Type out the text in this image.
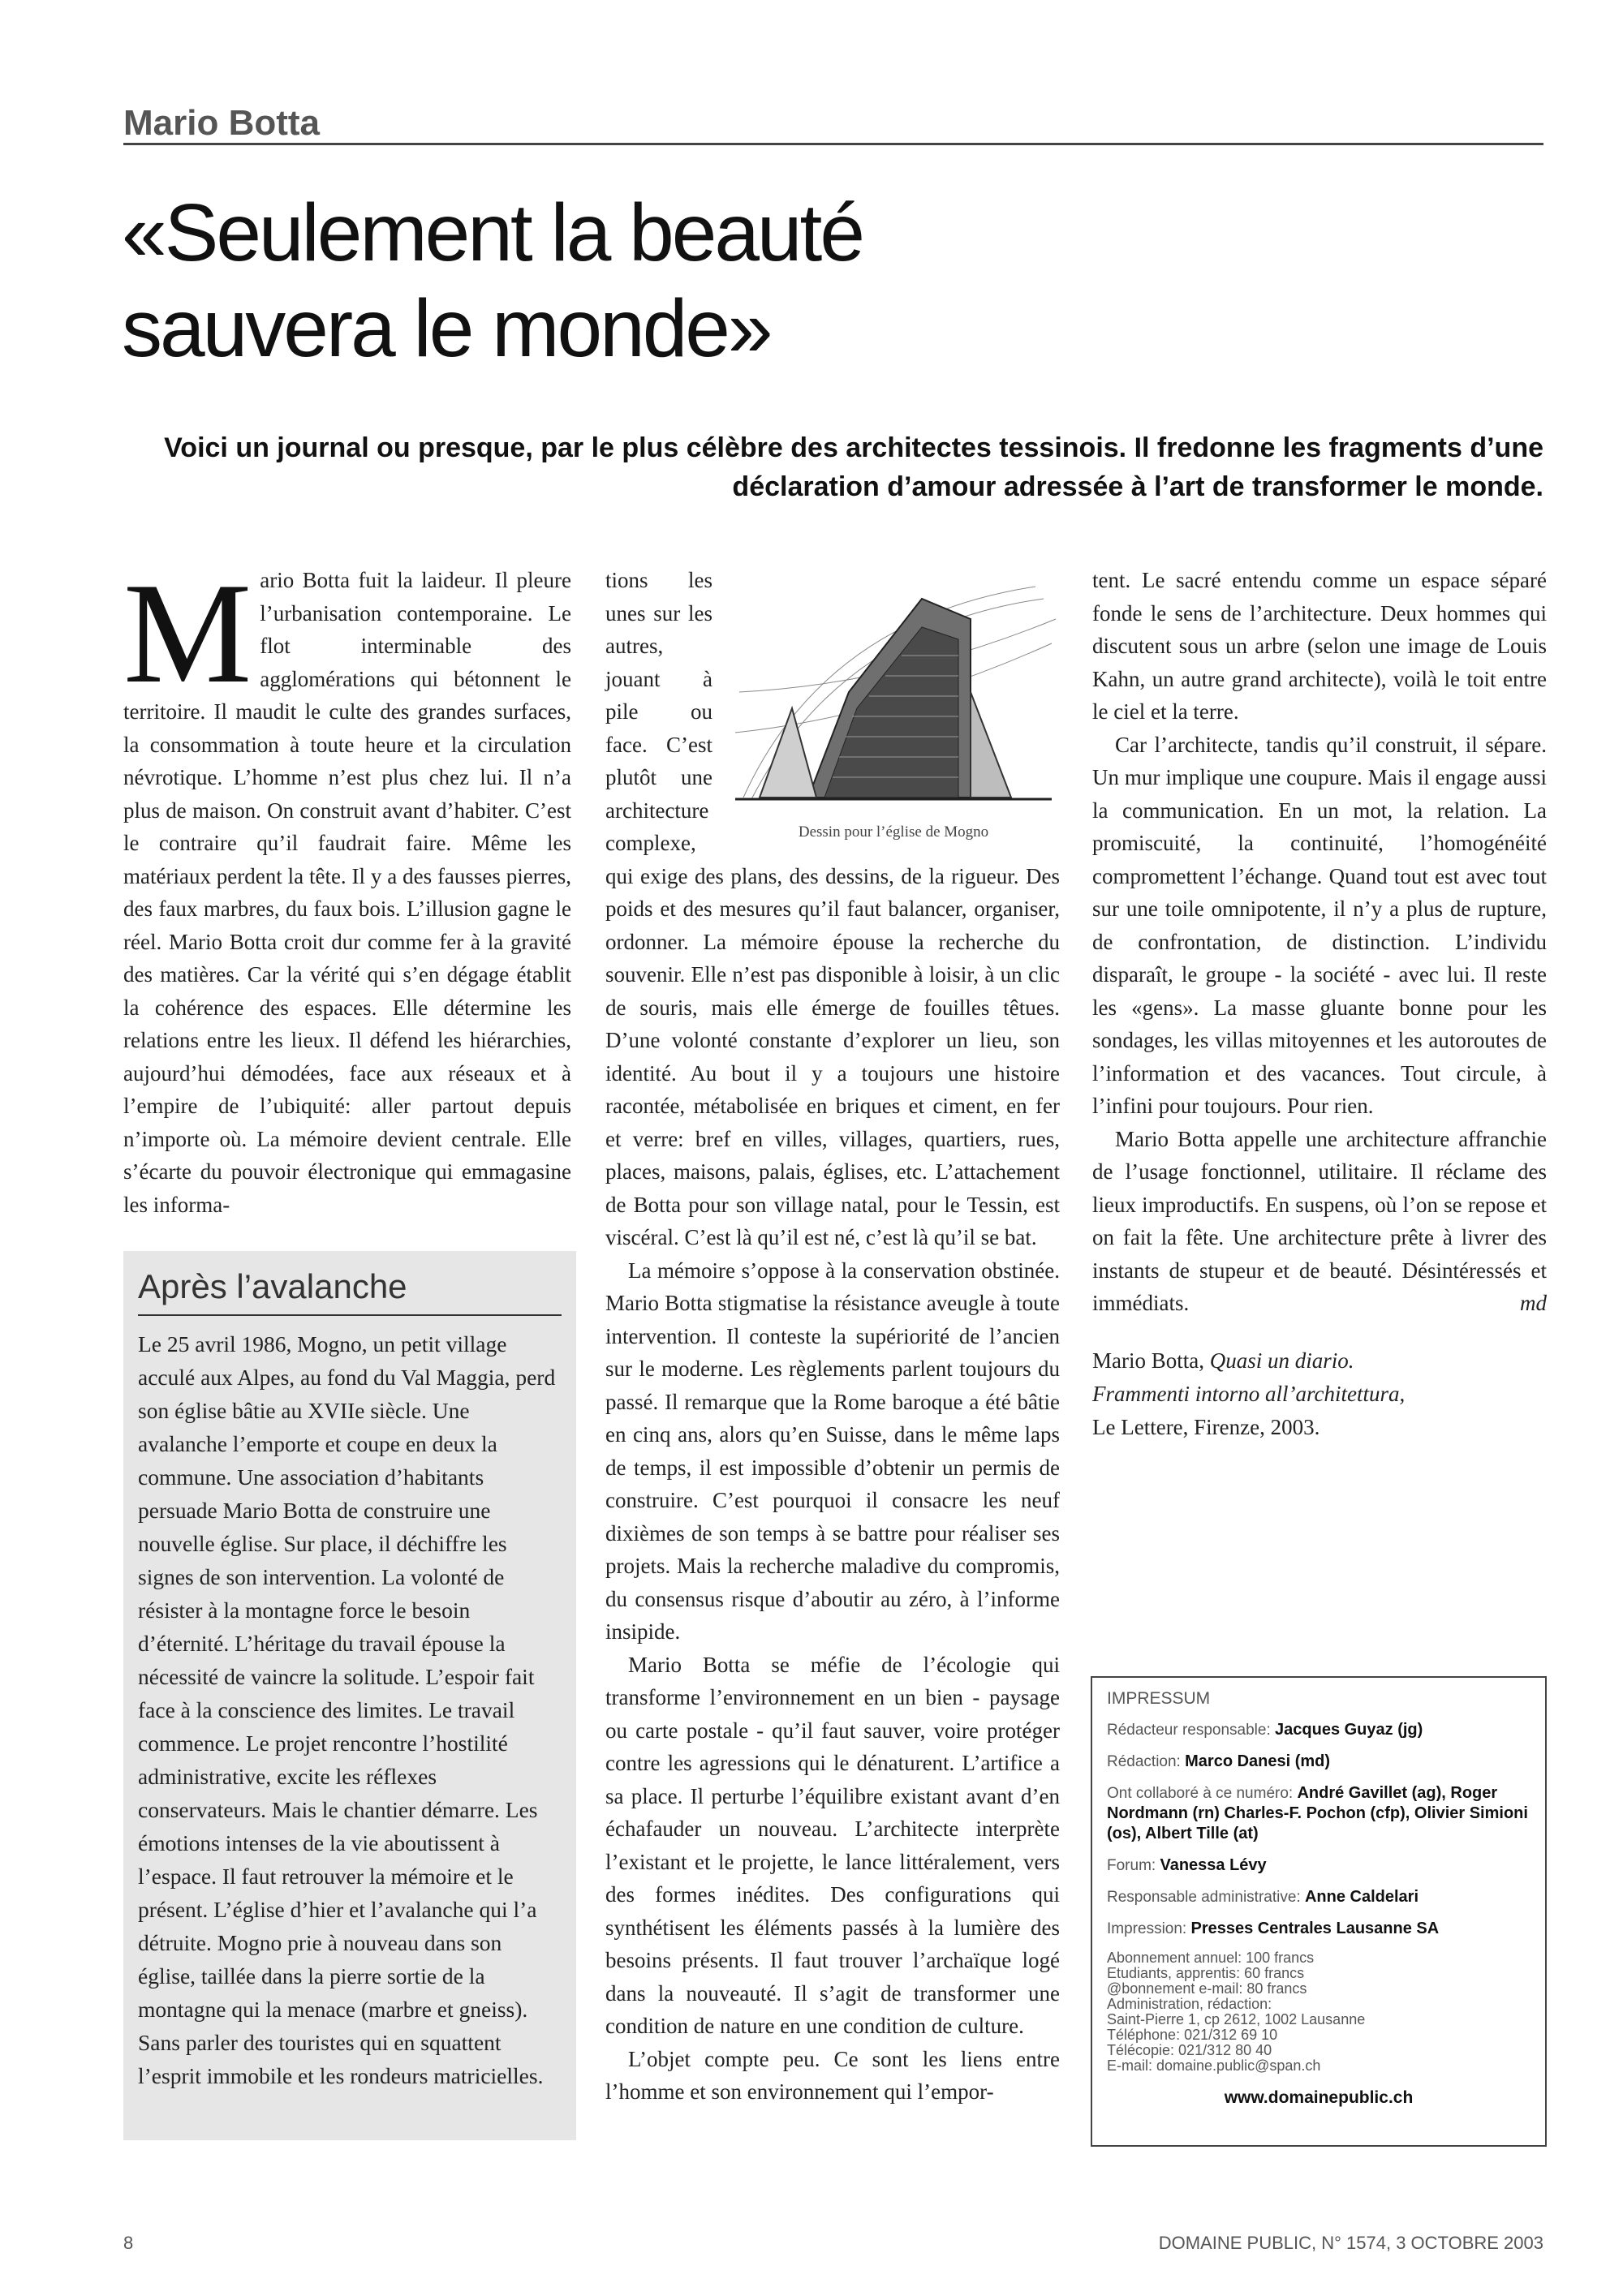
Mario Botta
«Seulement la beauté
sauvera le monde»
Voici un journal ou presque, par le plus célèbre des architectes tessinois. Il fredonne les fragments d’une déclaration d’amour adressée à l’art de transformer le monde.

Mario Botta fuit la laideur. Il pleure l’urbanisation contemporaine. Le flot interminable des agglomérations qui bétonnent le territoire. Il maudit le culte des grandes surfaces, la consommation à toute heure et la circulation névrotique. L’homme n’est plus chez lui. Il n’a plus de maison. On construit avant d’habiter. C’est le contraire qu’il faudrait faire. Même les matériaux perdent la tête. Il y a des fausses pierres, des faux marbres, du faux bois. L’illusion gagne le réel. Mario Botta croit dur comme fer à la gravité des matières. Car la vérité qui s’en dégage établit la cohérence des espaces. Elle détermine les relations entre les lieux. Il défend les hiérarchies, aujourd’hui démodées, face aux réseaux et à l’empire de l’ubiquité: aller partout depuis n’importe où. La mémoire devient centrale. Elle s’écarte du pouvoir électronique qui emmagasine les informa-

Après l’avalanche
Le 25 avril 1986, Mogno, un petit village acculé aux Alpes, au fond du Val Maggia, perd son église bâtie au XVIIe siècle. Une avalanche l’emporte et coupe en deux la commune. Une association d’habitants persuade Mario Botta de construire une nouvelle église. Sur place, il déchiffre les signes de son intervention. La volonté de résister à la montagne force le besoin d’éternité. L’héritage du travail épouse la nécessité de vaincre la solitude. L’espoir fait face à la conscience des limites. Le travail commence. Le projet rencontre l’hostilité administrative, excite les réflexes conservateurs. Mais le chantier démarre. Les émotions intenses de la vie aboutissent à l’espace. Il faut retrouver la mémoire et le présent. L’église d’hier et l’avalanche qui l’a détruite. Mogno prie à nouveau dans son église, taillée dans la pierre sortie de la montagne qui la menace (marbre et gneiss). Sans parler des touristes qui en squattent l’esprit immobile et les rondeurs matricielles.
Dessin pour l’église de Mogno

tions les unes sur les autres, jouant à pile ou face. C’est plutôt une architecture complexe, qui exige des plans, des dessins, de la rigueur. Des poids et des mesures qu’il faut balancer, organiser, ordonner. La mémoire épouse la recherche du souvenir. Elle n’est pas disponible à loisir, à un clic de souris, mais elle émerge de fouilles têtues. D’une volonté constante d’explorer un lieu, son identité. Au bout il y a toujours une histoire racontée, métabolisée en briques et ciment, en fer et verre: bref en villes, villages, quartiers, rues, places, maisons, palais, églises, etc. L’attachement de Botta pour son village natal, pour le Tessin, est viscéral. C’est là qu’il est né, c’est là qu’il se bat.

La mémoire s’oppose à la conservation obstinée. Mario Botta stigmatise la résistance aveugle à toute intervention. Il conteste la supériorité de l’ancien sur le moderne. Les règlements parlent toujours du passé. Il remarque que la Rome baroque a été bâtie en cinq ans, alors qu’en Suisse, dans le même laps de temps, il est impossible d’obtenir un permis de construire. C’est pourquoi il consacre les neuf dixièmes de son temps à se battre pour réaliser ses projets. Mais la recherche maladive du compromis, du consensus risque d’aboutir au zéro, à l’informe insipide.

Mario Botta se méfie de l’écologie qui transforme l’environnement en un bien - paysage ou carte postale - qu’il faut sauver, voire protéger contre les agressions qui le dénaturent. L’artifice a sa place. Il perturbe l’équilibre existant avant d’en échafauder un nouveau. L’architecte interprète l’existant et le projette, le lance littéralement, vers des formes inédites. Des configurations qui synthétisent les éléments passés à la lumière des besoins présents. Il faut trouver l’archaïque logé dans la nouveauté. Il s’agit de transformer une condition de nature en une condition de culture.

L’objet compte peu. Ce sont les liens entre l’homme et son environnement qui l’empor-

tent. Le sacré entendu comme un espace séparé fonde le sens de l’architecture. Deux hommes qui discutent sous un arbre (selon une image de Louis Kahn, un autre grand architecte), voilà le toit entre le ciel et la terre.

Car l’architecte, tandis qu’il construit, il sépare. Un mur implique une coupure. Mais il engage aussi la communication. En un mot, la relation. La promiscuité, la continuité, l’homogénéité compromettent l’échange. Quand tout est avec tout sur une toile omnipotente, il n’y a plus de rupture, de confrontation, de distinction. L’individu disparaît, le groupe - la société - avec lui. Il reste les «gens». La masse gluante bonne pour les sondages, les villas mitoyennes et les autoroutes de l’information et des vacances. Tout circule, à l’infini pour toujours. Pour rien.

Mario Botta appelle une architecture affranchie de l’usage fonctionnel, utilitaire. Il réclame des lieux improductifs. En suspens, où l’on se repose et on fait la fête. Une architecture prête à livrer des instants de stupeur et de beauté. Désintéressés et immédiats.	md

Mario Botta, Quasi un diario.
Frammenti intorno all’architettura,
Le Lettere, Firenze, 2003.
IMPRESSUM
Rédacteur responsable: Jacques Guyaz (jg)
Rédaction: Marco Danesi (md)
Ont collaboré à ce numéro: André Gavillet (ag), Roger Nordmann (rn) Charles-F. Pochon (cfp), Olivier Simioni (os), Albert Tille (at)
Forum: Vanessa Lévy
Responsable administrative: Anne Caldelari
Impression: Presses Centrales Lausanne SA
Abonnement annuel: 100 francs
Etudiants, apprentis: 60 francs
@bonnement e-mail: 80 francs
Administration, rédaction:
Saint-Pierre 1, cp 2612, 1002 Lausanne
Téléphone: 021/312 69 10
Télécopie: 021/312 80 40
E-mail: domaine.public@span.ch
www.domainepublic.ch
8	DOMAINE PUBLIC, N° 1574, 3 OCTOBRE 2003
